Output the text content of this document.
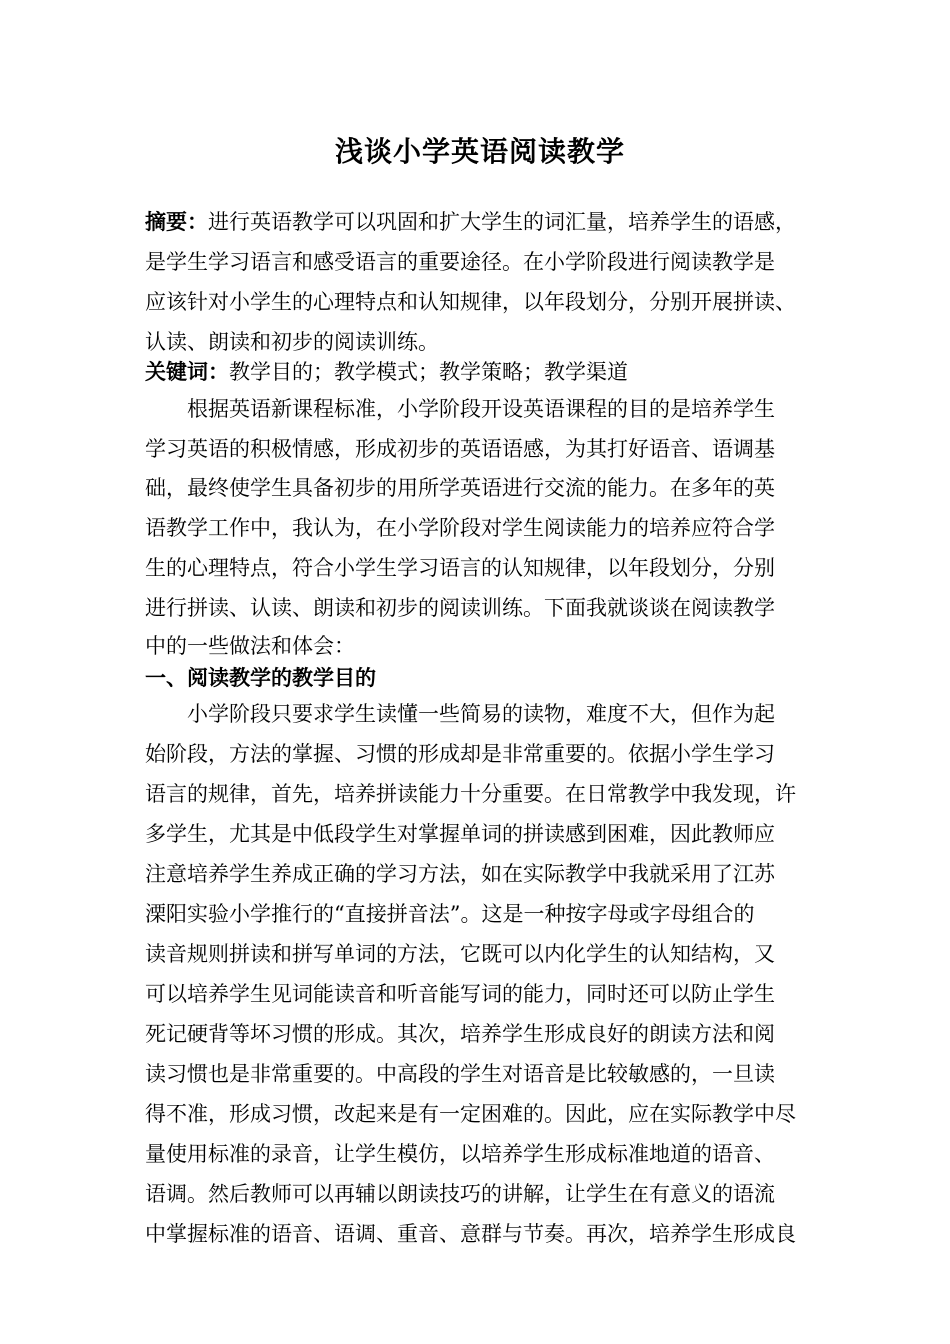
浅谈小学英语阅读教学
摘要：进行英语教学可以巩固和扩大学生的词汇量，培养学生的语感，
是学生学习语言和感受语言的重要途径。在小学阶段进行阅读教学是
应该针对小学生的心理特点和认知规律，以年段划分，分别开展拼读、
认读、朗读和初步的阅读训练。
关键词：教学目的；教学模式；教学策略；教学渠道
根据英语新课程标准，小学阶段开设英语课程的目的是培养学生
学习英语的积极情感，形成初步的英语语感，为其打好语音、语调基
础，最终使学生具备初步的用所学英语进行交流的能力。在多年的英
语教学工作中，我认为，在小学阶段对学生阅读能力的培养应符合学
生的心理特点，符合小学生学习语言的认知规律，以年段划分，分别
进行拼读、认读、朗读和初步的阅读训练。下面我就谈谈在阅读教学
中的一些做法和体会：
一、阅读教学的教学目的
小学阶段只要求学生读懂一些简易的读物，难度不大，但作为起
始阶段，方法的掌握、习惯的形成却是非常重要的。依据小学生学习
语言的规律，首先，培养拼读能力十分重要。在日常教学中我发现，许
多学生，尤其是中低段学生对掌握单词的拼读感到困难，因此教师应
注意培养学生养成正确的学习方法，如在实际教学中我就采用了江苏
溧阳实验小学推行的“直接拼音法”。这是一种按字母或字母组合的
读音规则拼读和拼写单词的方法，它既可以内化学生的认知结构，又
可以培养学生见词能读音和听音能写词的能力，同时还可以防止学生
死记硬背等坏习惯的形成。其次，培养学生形成良好的朗读方法和阅
读习惯也是非常重要的。中高段的学生对语音是比较敏感的，一旦读
得不准，形成习惯，改起来是有一定困难的。因此，应在实际教学中尽
量使用标准的录音，让学生模仿，以培养学生形成标准地道的语音、
语调。然后教师可以再辅以朗读技巧的讲解，让学生在有意义的语流
中掌握标准的语音、语调、重音、意群与节奏。再次，培养学生形成良
